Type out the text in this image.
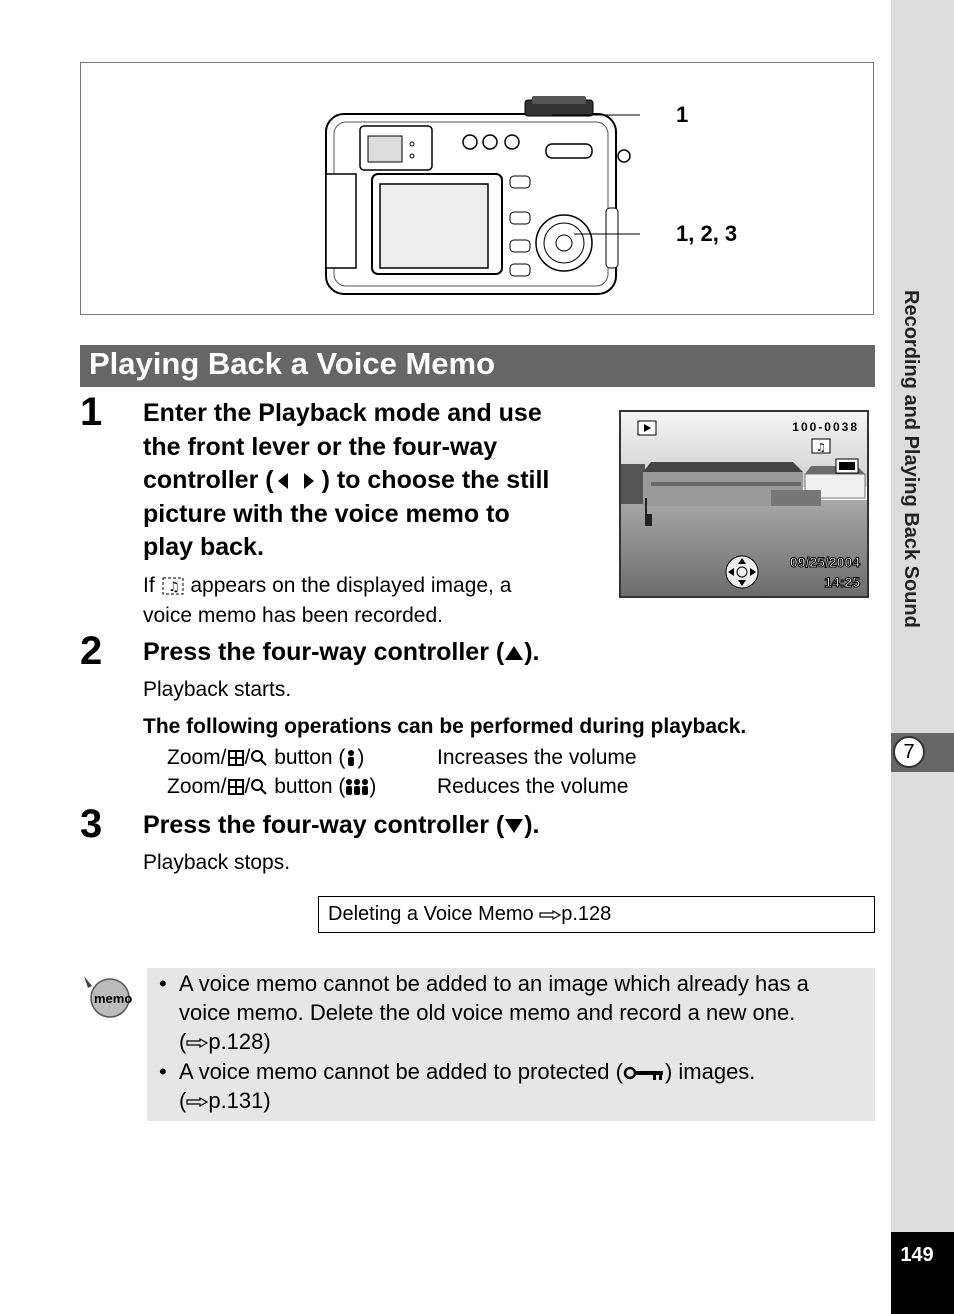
1
1, 2, 3
Playing Back a Voice Memo
1 Enter the Playback mode and use
the front lever or the four-way
controller ( ) to choose the still
picture with the voice memo to
play back.
If ♫ appears on the displayed image, a
voice memo has been recorded.
100-0038
♫
09/25/2004
14:25
2 Press the four-way controller ( ).
Playback starts.
The following operations can be performed during playback.
Zoom/ / button ( )	Increases the volume
Zoom/ / button ( )	Reduces the volume
3 Press the four-way controller ( ).
Playback stops.
Deleting a Voice Memo p.128
memo
• A voice memo cannot be added to an image which already has a
voice memo. Delete the old voice memo and record a new one.
( p.128)
• A voice memo cannot be added to protected ( ) images.
( p.131)
Recording and Playing Back Sound
7
149
